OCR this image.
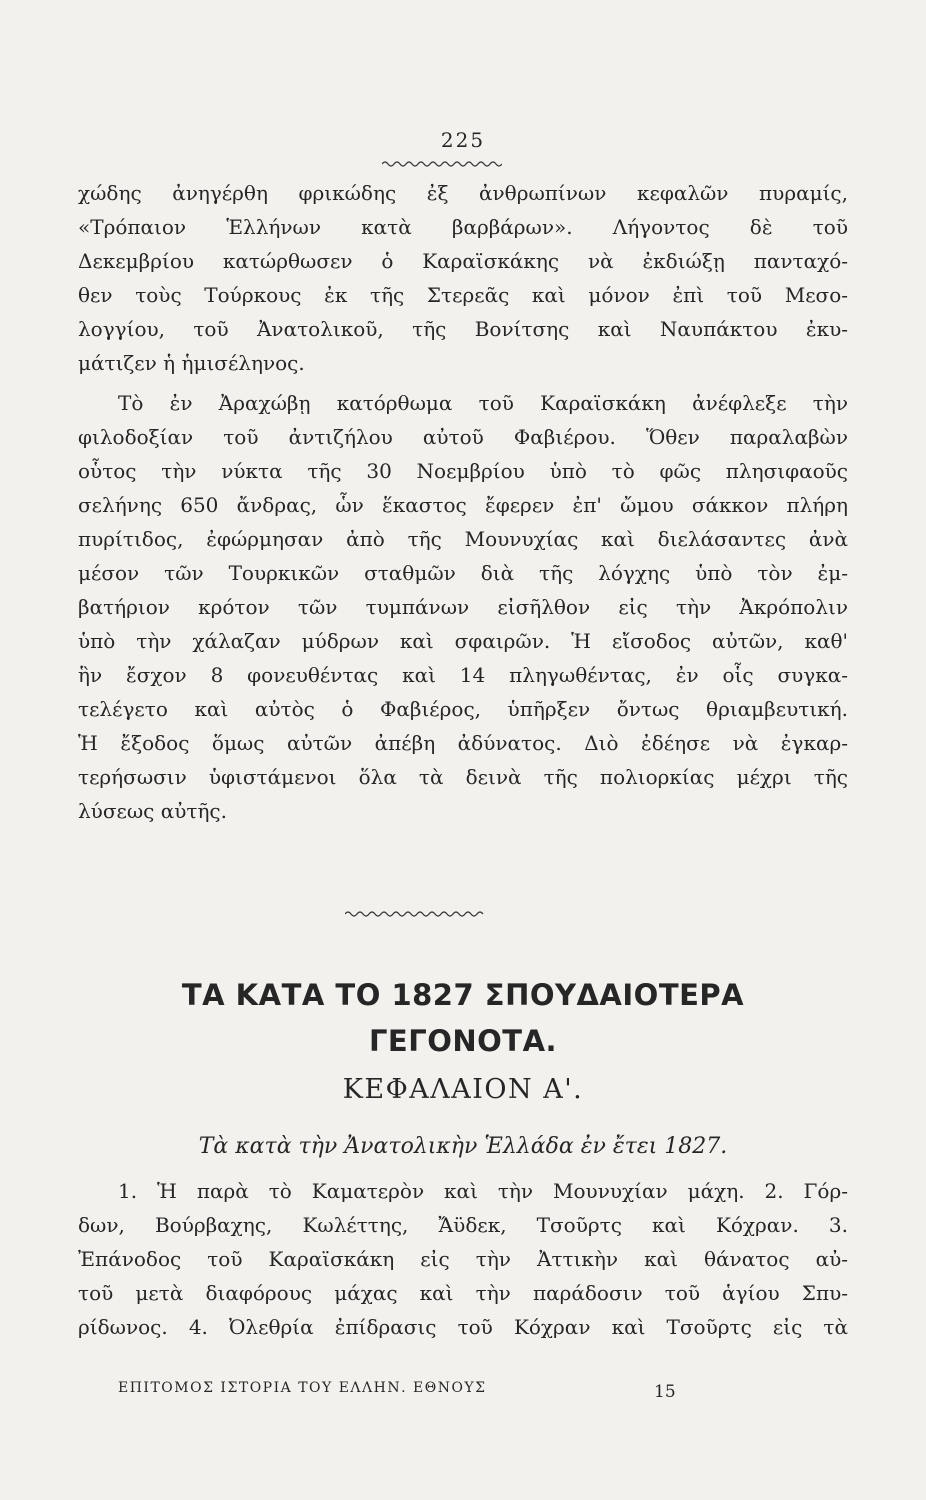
225
χώδης ἀνηγέρθη φρικώδης ἐξ ἀνθρωπίνων κεφαλῶν πυραμίς,
«Τρόπαιον Ἑλλήνων κατὰ βαρβάρων». Λήγοντος δὲ τοῦ
Δεκεμβρίου κατώρθωσεν ὁ Καραϊσκάκης νὰ ἐκδιώξῃ πανταχό-
θεν τοὺς Τούρκους ἐκ τῆς Στερεᾶς καὶ μόνον ἐπὶ τοῦ Μεσο-
λογγίου, τοῦ Ἀνατολικοῦ, τῆς Βονίτσης καὶ Ναυπάκτου ἐκυ-
μάτιζεν ἡ ἡμισέληνος.
Τὸ ἐν Ἀραχώβῃ κατόρθωμα τοῦ Καραϊσκάκη ἀνέφλεξε τὴν
φιλοδοξίαν τοῦ ἀντιζήλου αὐτοῦ Φαβιέρου. Ὅθεν παραλαβὼν
οὗτος τὴν νύκτα τῆς 30 Νοεμβρίου ὑπὸ τὸ φῶς πλησιφαοῦς
σελήνης 650 ἄνδρας, ὧν ἕκαστος ἔφερεν ἐπ' ὤμου σάκκον πλήρη
πυρίτιδος, ἐφώρμησαν ἀπὸ τῆς Μουνυχίας καὶ διελάσαντες ἀνὰ
μέσον τῶν Τουρκικῶν σταθμῶν διὰ τῆς λόγχης ὑπὸ τὸν ἐμ-
βατήριον κρότον τῶν τυμπάνων εἰσῆλθον εἰς τὴν Ἀκρόπολιν
ὑπὸ τὴν χάλαζαν μύδρων καὶ σφαιρῶν. Ἡ εἴσοδος αὐτῶν, καθ'
ἣν ἔσχον 8 φονευθέντας καὶ 14 πληγωθέντας, ἐν οἷς συγκα-
τελέγετο καὶ αὐτὸς ὁ Φαβιέρος, ὑπῆρξεν ὄντως θριαμβευτική.
Ἡ ἔξοδος ὅμως αὐτῶν ἀπέβη ἀδύνατος. Διὸ ἐδέησε νὰ ἐγκαρ-
τερήσωσιν ὑφιστάμενοι ὅλα τὰ δεινὰ τῆς πολιορκίας μέχρι τῆς
λύσεως αὐτῆς.
ΤΑ ΚΑΤΑ ΤΟ 1827 ΣΠΟΥΔΑΙΟΤΕΡΑ
ΓΕΓΟΝΟΤΑ.
ΚΕΦΑΛΑΙΟΝ Α'.
Τὰ κατὰ τὴν Ἀνατολικὴν Ἑλλάδα ἐν ἔτει 1827.
1. Ἡ παρὰ τὸ Καματερὸν καὶ τὴν Μουνυχίαν μάχη. 2. Γόρ-
δων, Βούρβαχης, Κωλέττης, Ἄϋδεκ, Τσοῦρτς καὶ Κόχραν. 3.
Ἐπάνοδος τοῦ Καραϊσκάκη εἰς τὴν Ἀττικὴν καὶ θάνατος αὐ-
τοῦ μετὰ διαφόρους μάχας καὶ τὴν παράδοσιν τοῦ ἁγίου Σπυ-
ρίδωνος. 4. Ὀλεθρία ἐπίδρασις τοῦ Κόχραν καὶ Τσοῦρτς εἰς τὰ
ΕΠΙΤΟΜΟΣ ΙΣΤΟΡΙΑ ΤΟΥ ΕΛΛΗΝ. ΕΘΝΟΥΣ	15
